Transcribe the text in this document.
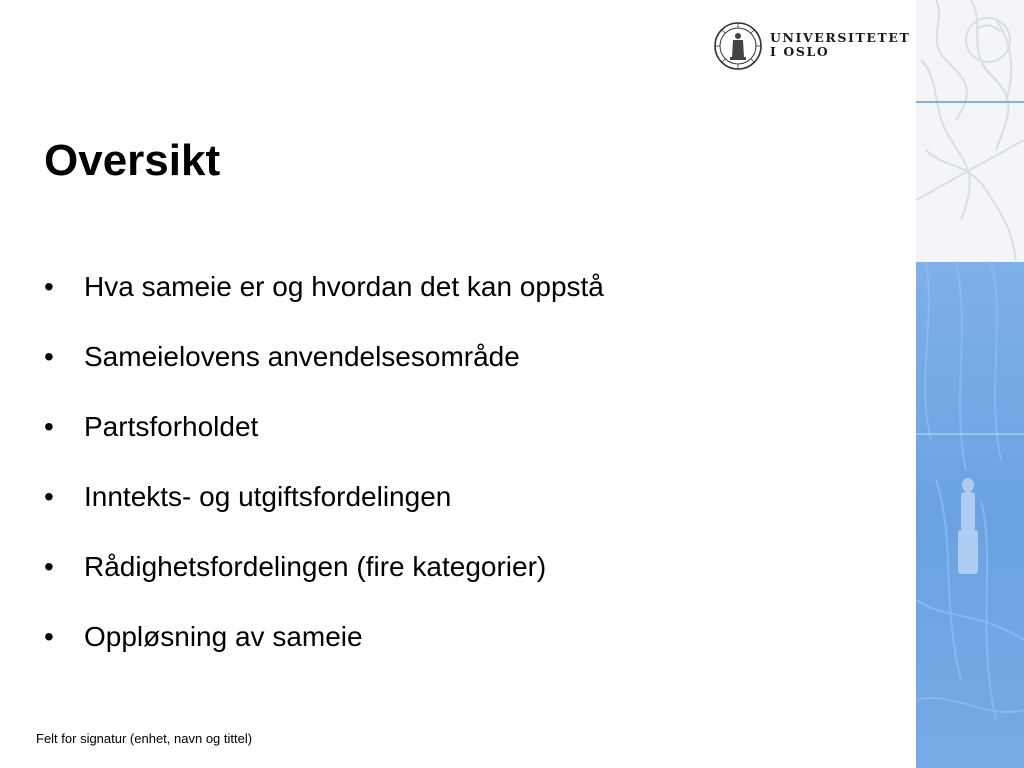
UNIVERSITETET
I OSLO
Oversikt
•	Hva sameie er og hvordan det kan oppstå
•	Sameielovens anvendelsesområde
•	Partsforholdet
•	Inntekts- og utgiftsfordelingen
•	Rådighetsfordelingen (fire kategorier)
•	Oppløsning av sameie
Felt for signatur (enhet, navn og tittel)
